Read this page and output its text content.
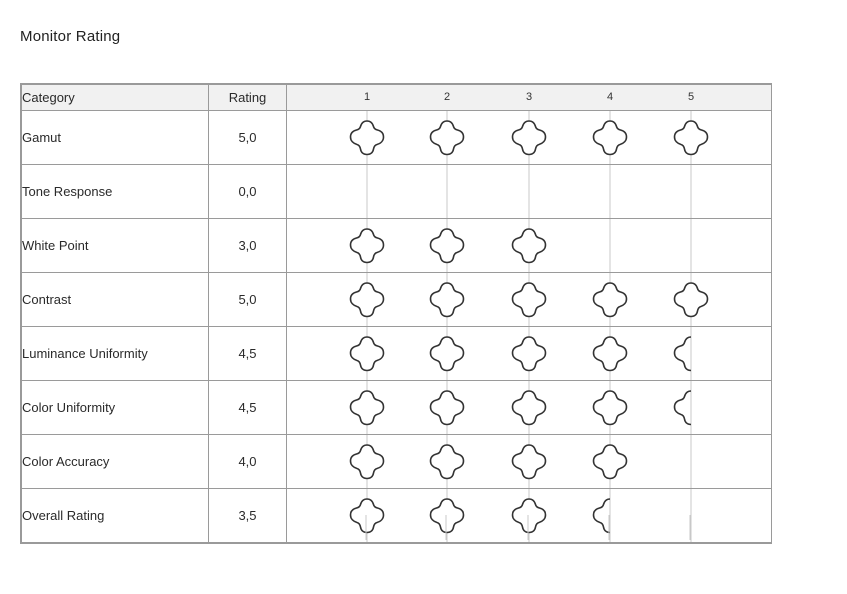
Monitor Rating
Category	Rating	1 2 3 4 5

Gamut	5,0	

Tone Response	0,0	

White Point	3,0	

Contrast	5,0	

Luminance Uniformity	4,5	

Color Uniformity	4,5	

Color Accuracy	4,0	

Overall Rating	3,5	
